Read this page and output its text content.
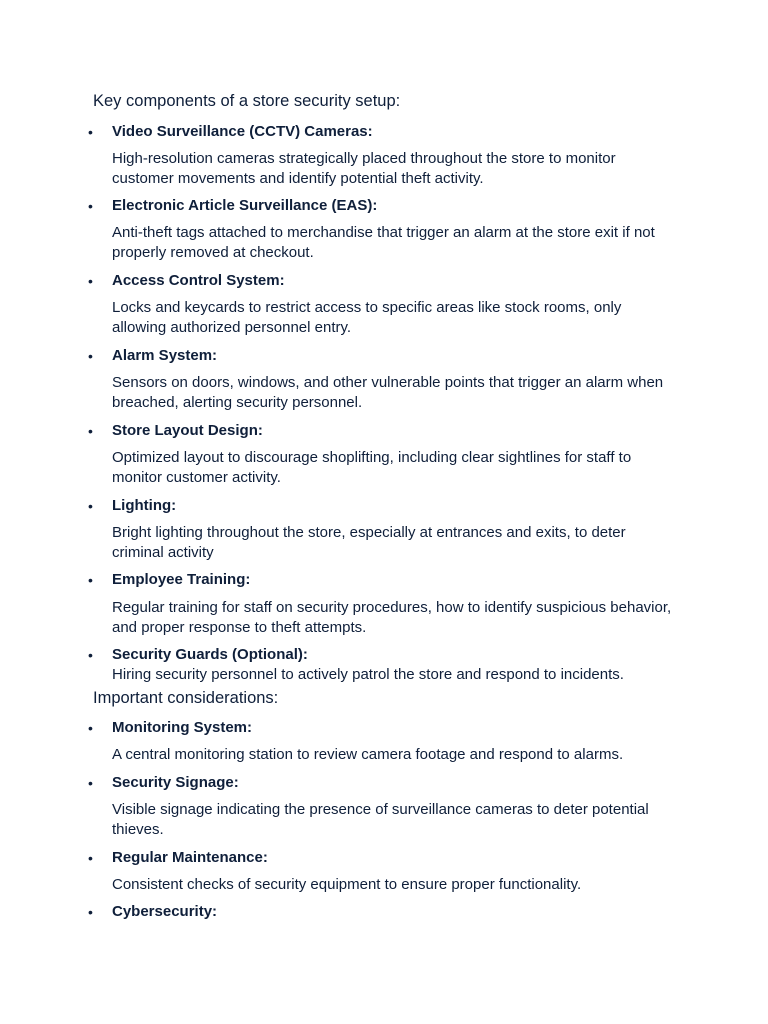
Key components of a store security setup:
• Video Surveillance (CCTV) Cameras:

High-resolution cameras strategically placed throughout the store to monitor customer movements and identify potential theft activity.

• Electronic Article Surveillance (EAS):

Anti-theft tags attached to merchandise that trigger an alarm at the store exit if not properly removed at checkout.

• Access Control System:

Locks and keycards to restrict access to specific areas like stock rooms, only allowing authorized personnel entry.

• Alarm System:

Sensors on doors, windows, and other vulnerable points that trigger an alarm when breached, alerting security personnel.

• Store Layout Design:

Optimized layout to discourage shoplifting, including clear sightlines for staff to monitor customer activity.

• Lighting:

Bright lighting throughout the store, especially at entrances and exits, to deter criminal activity

• Employee Training:

Regular training for staff on security procedures, how to identify suspicious behavior, and proper response to theft attempts.

• Security Guards (Optional):

Hiring security personnel to actively patrol the store and respond to incidents.

Important considerations:
• Monitoring System:

A central monitoring station to review camera footage and respond to alarms.

• Security Signage:

Visible signage indicating the presence of surveillance cameras to deter potential thieves.

• Regular Maintenance:

Consistent checks of security equipment to ensure proper functionality.

• Cybersecurity:
